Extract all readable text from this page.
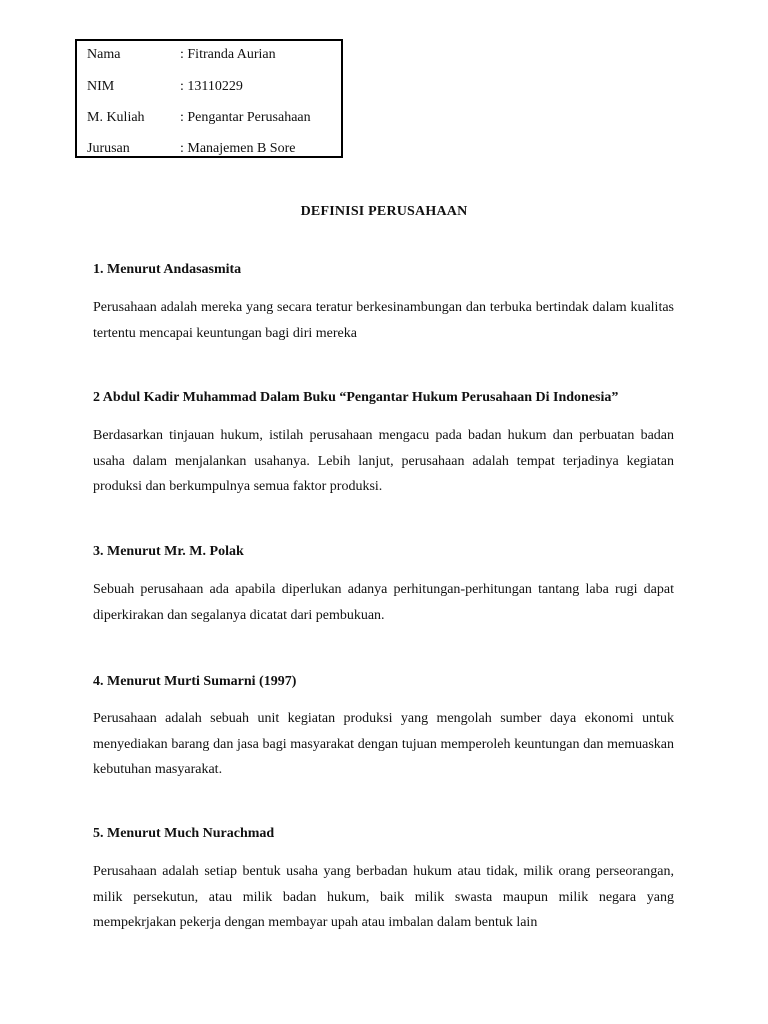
Nama	: Fitranda Aurian
NIM	: 13110229
M. Kuliah	: Pengantar Perusahaan
Jurusan	: Manajemen B Sore
DEFINISI PERUSAHAAN
1. Menurut Andasasmita
Perusahaan adalah mereka yang secara teratur berkesinambungan dan terbuka bertindak dalam kualitas tertentu mencapai keuntungan bagi diri mereka
2 Abdul Kadir Muhammad Dalam Buku “Pengantar Hukum Perusahaan Di Indonesia”
Berdasarkan tinjauan hukum, istilah perusahaan mengacu pada badan hukum dan perbuatan badan usaha dalam menjalankan usahanya. Lebih lanjut, perusahaan adalah tempat terjadinya kegiatan produksi dan berkumpulnya semua faktor produksi.
3. Menurut Mr. M. Polak
Sebuah perusahaan ada apabila diperlukan adanya perhitungan-perhitungan tantang laba rugi dapat diperkirakan dan segalanya dicatat dari pembukuan.
4. Menurut Murti Sumarni (1997)
Perusahaan adalah sebuah unit kegiatan produksi yang mengolah sumber daya ekonomi untuk menyediakan barang dan jasa bagi masyarakat dengan tujuan memperoleh keuntungan dan memuaskan kebutuhan masyarakat.
5. Menurut Much Nurachmad
Perusahaan adalah setiap bentuk usaha yang berbadan hukum atau tidak, milik orang perseorangan, milik persekutun, atau milik badan hukum, baik milik swasta maupun milik negara yang mempekrjakan pekerja dengan membayar upah atau imbalan dalam bentuk lain
